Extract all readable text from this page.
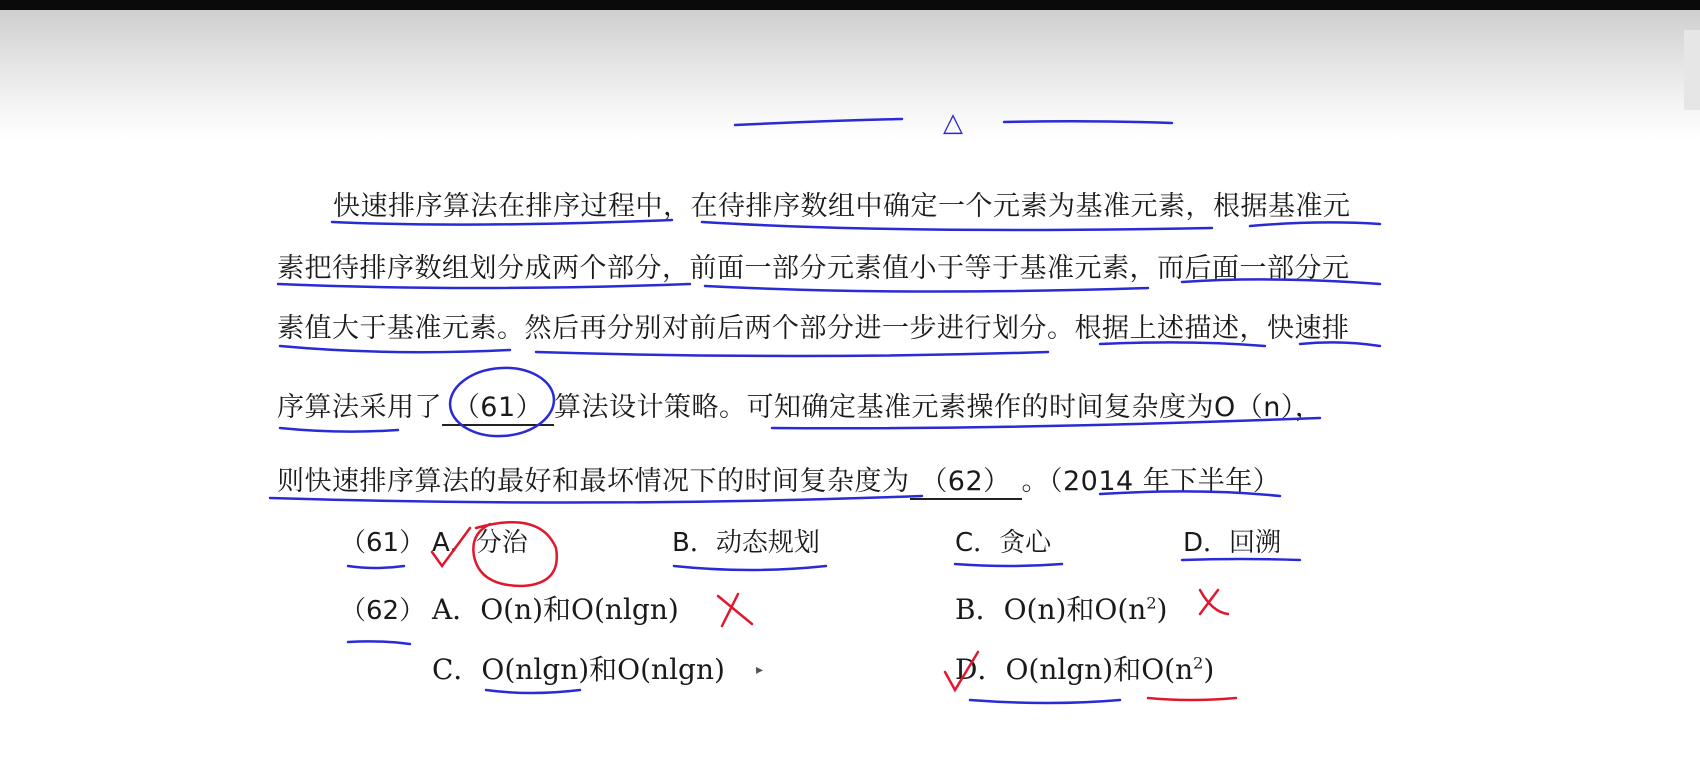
快速排序算法在排序过程中，在待排序数组中确定一个元素为基准元素，根据基准元
素把待排序数组划分成两个部分，前面一部分元素值小于等于基准元素，而后面一部分元
素值大于基准元素。然后再分别对前后两个部分进一步进行划分。根据上述描述，快速排
序算法采用了 （61） 算法设计策略。可知确定基准元素操作的时间复杂度为O（n），
则快速排序算法的最好和最坏情况下的时间复杂度为 （62） 。（2014 年下半年）
（61） A．分治	B．动态规划	C．贪心	D．回溯
（62） A．O(n)和O(nlgn)	B．O(n)和$O(n^2)$
C．O(nlgn)和O(nlgn)	D．O(nlgn)和$O(n^2)$
△
▸
